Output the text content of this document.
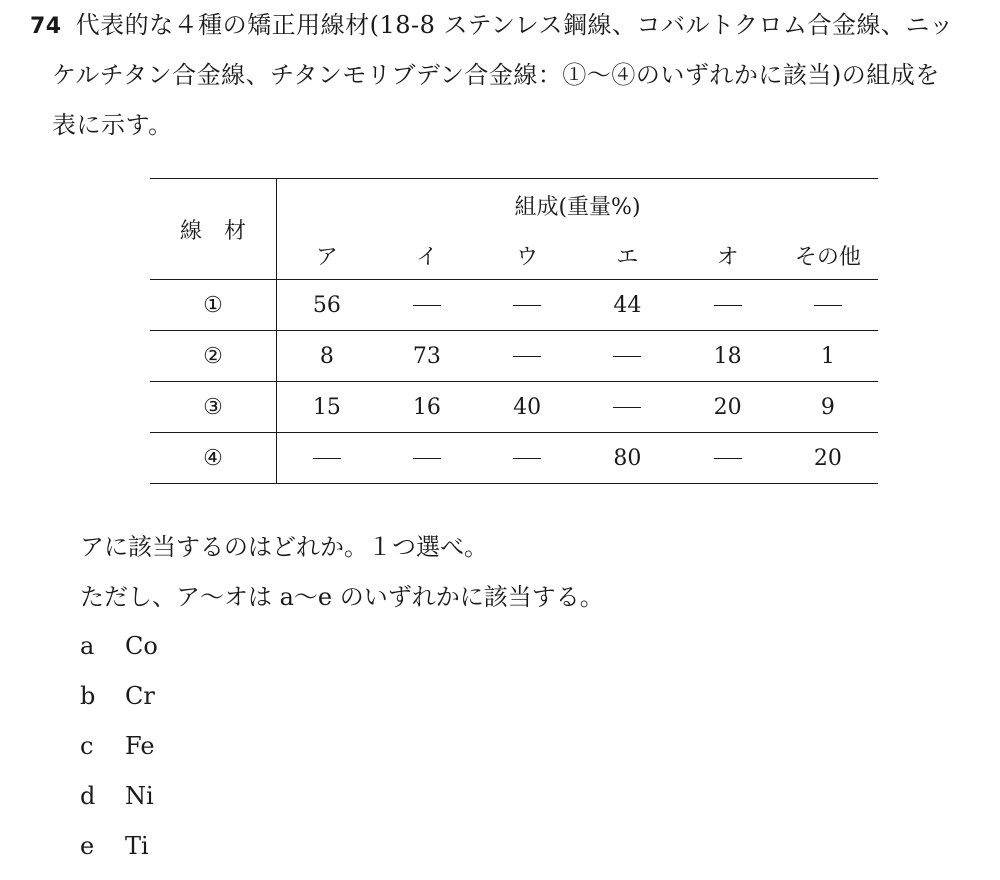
74 代表的な４種の矯正用線材(18-8 ステンレス鋼線、コバルトクロム合金線、ニッ
ケルチタン合金線、チタンモリブデン合金線：①〜④のいずれかに該当)の組成を
表に示す。
線材	組成(重量%)					
	ア	イ	ウ	エ	オ	その他
①	56			44		
②	8	73			18	1
③	15	16	40		20	9
④				80		20
アに該当するのはどれか。１つ選べ。
ただし、ア〜オは a〜e のいずれかに該当する。
a Co
b Cr
c Fe
d Ni
e Ti
